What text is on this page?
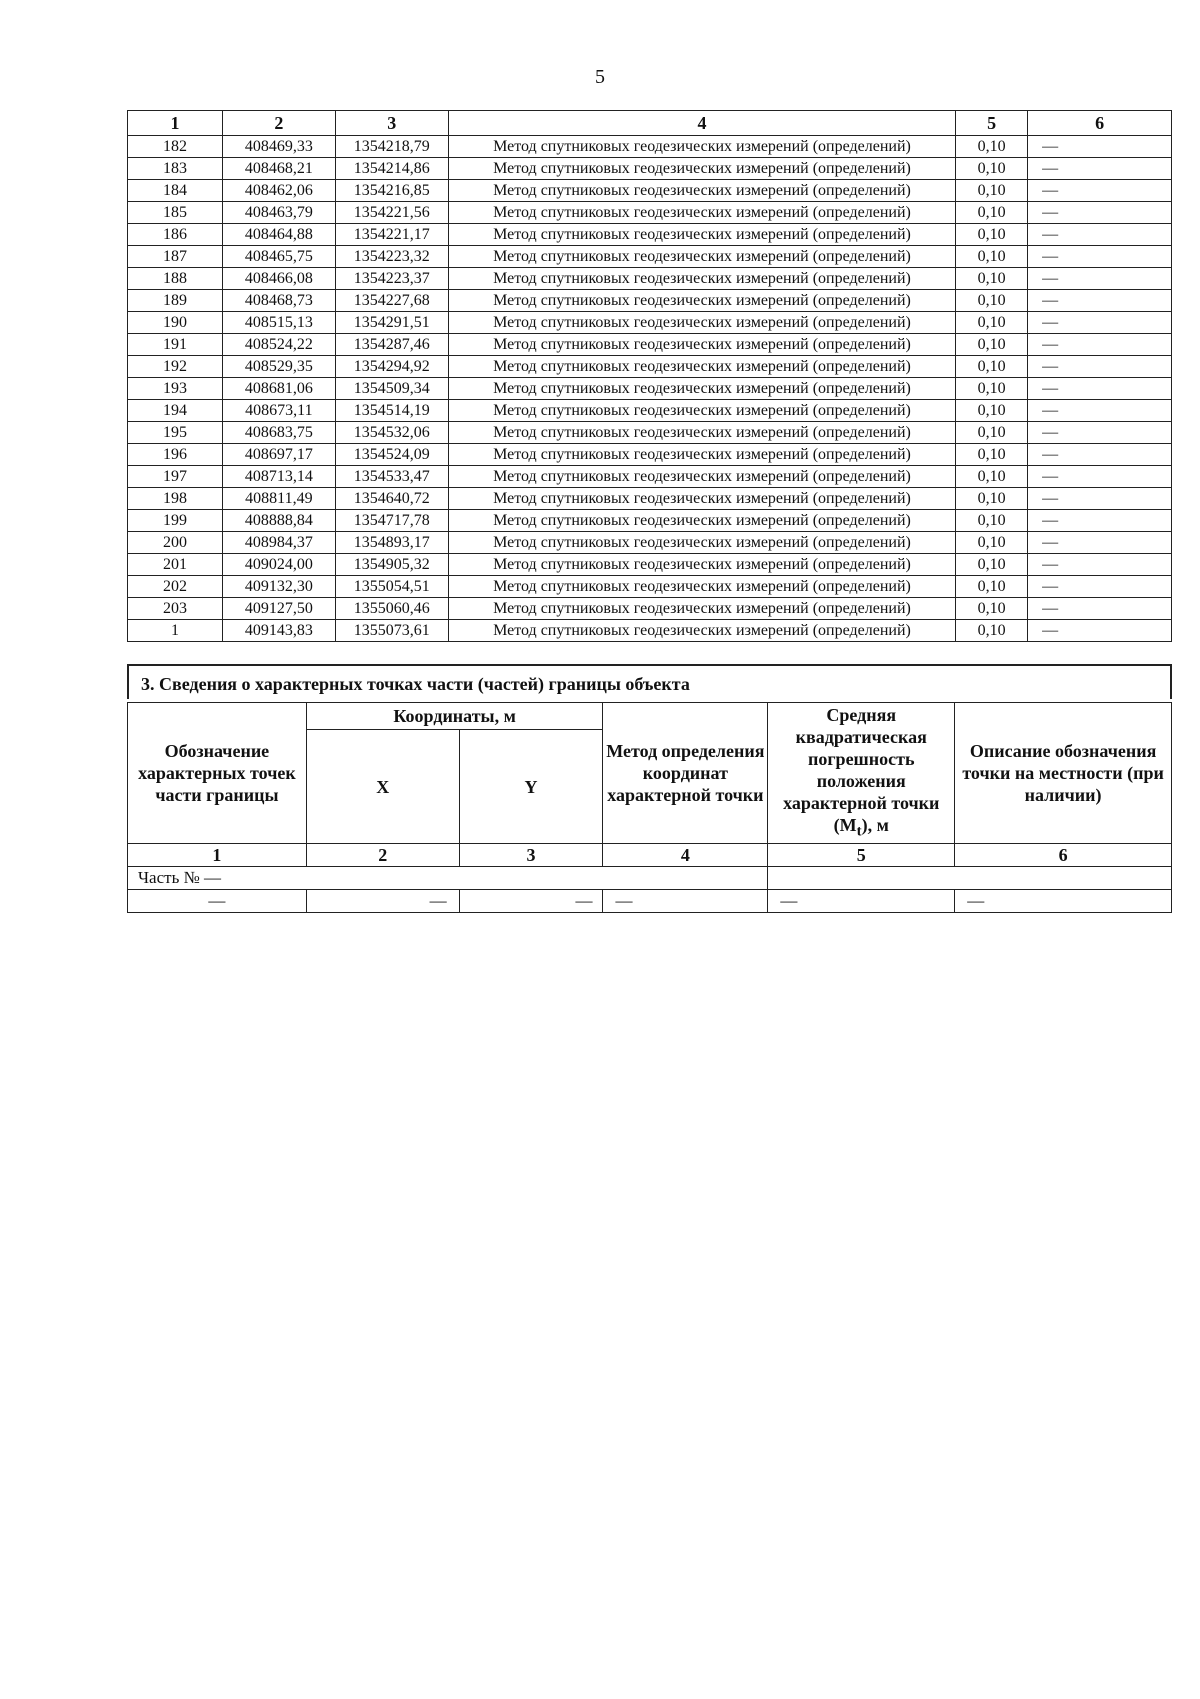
5
1	2	3	4	5	6
182	408469,33	1354218,79	Метод спутниковых геодезических измерений (определений)	0,10	—
183	408468,21	1354214,86	Метод спутниковых геодезических измерений (определений)	0,10	—
184	408462,06	1354216,85	Метод спутниковых геодезических измерений (определений)	0,10	—
185	408463,79	1354221,56	Метод спутниковых геодезических измерений (определений)	0,10	—
186	408464,88	1354221,17	Метод спутниковых геодезических измерений (определений)	0,10	—
187	408465,75	1354223,32	Метод спутниковых геодезических измерений (определений)	0,10	—
188	408466,08	1354223,37	Метод спутниковых геодезических измерений (определений)	0,10	—
189	408468,73	1354227,68	Метод спутниковых геодезических измерений (определений)	0,10	—
190	408515,13	1354291,51	Метод спутниковых геодезических измерений (определений)	0,10	—
191	408524,22	1354287,46	Метод спутниковых геодезических измерений (определений)	0,10	—
192	408529,35	1354294,92	Метод спутниковых геодезических измерений (определений)	0,10	—
193	408681,06	1354509,34	Метод спутниковых геодезических измерений (определений)	0,10	—
194	408673,11	1354514,19	Метод спутниковых геодезических измерений (определений)	0,10	—
195	408683,75	1354532,06	Метод спутниковых геодезических измерений (определений)	0,10	—
196	408697,17	1354524,09	Метод спутниковых геодезических измерений (определений)	0,10	—
197	408713,14	1354533,47	Метод спутниковых геодезических измерений (определений)	0,10	—
198	408811,49	1354640,72	Метод спутниковых геодезических измерений (определений)	0,10	—
199	408888,84	1354717,78	Метод спутниковых геодезических измерений (определений)	0,10	—
200	408984,37	1354893,17	Метод спутниковых геодезических измерений (определений)	0,10	—
201	409024,00	1354905,32	Метод спутниковых геодезических измерений (определений)	0,10	—
202	409132,30	1355054,51	Метод спутниковых геодезических измерений (определений)	0,10	—
203	409127,50	1355060,46	Метод спутниковых геодезических измерений (определений)	0,10	—
1	409143,83	1355073,61	Метод спутниковых геодезических измерений (определений)	0,10	—
3. Сведения о характерных точках части (частей) границы объекта
Обозначение характерных точек части границы	Координаты, м		Метод определения координат характерной точки	Средняя квадратическая погрешность положения характерной точки $(M_t)$, м	Описание обозначения точки на местности (при наличии)
	X	Y			
1	2	3	4	5	6
Часть № —					
—	—	—	—	—	—
